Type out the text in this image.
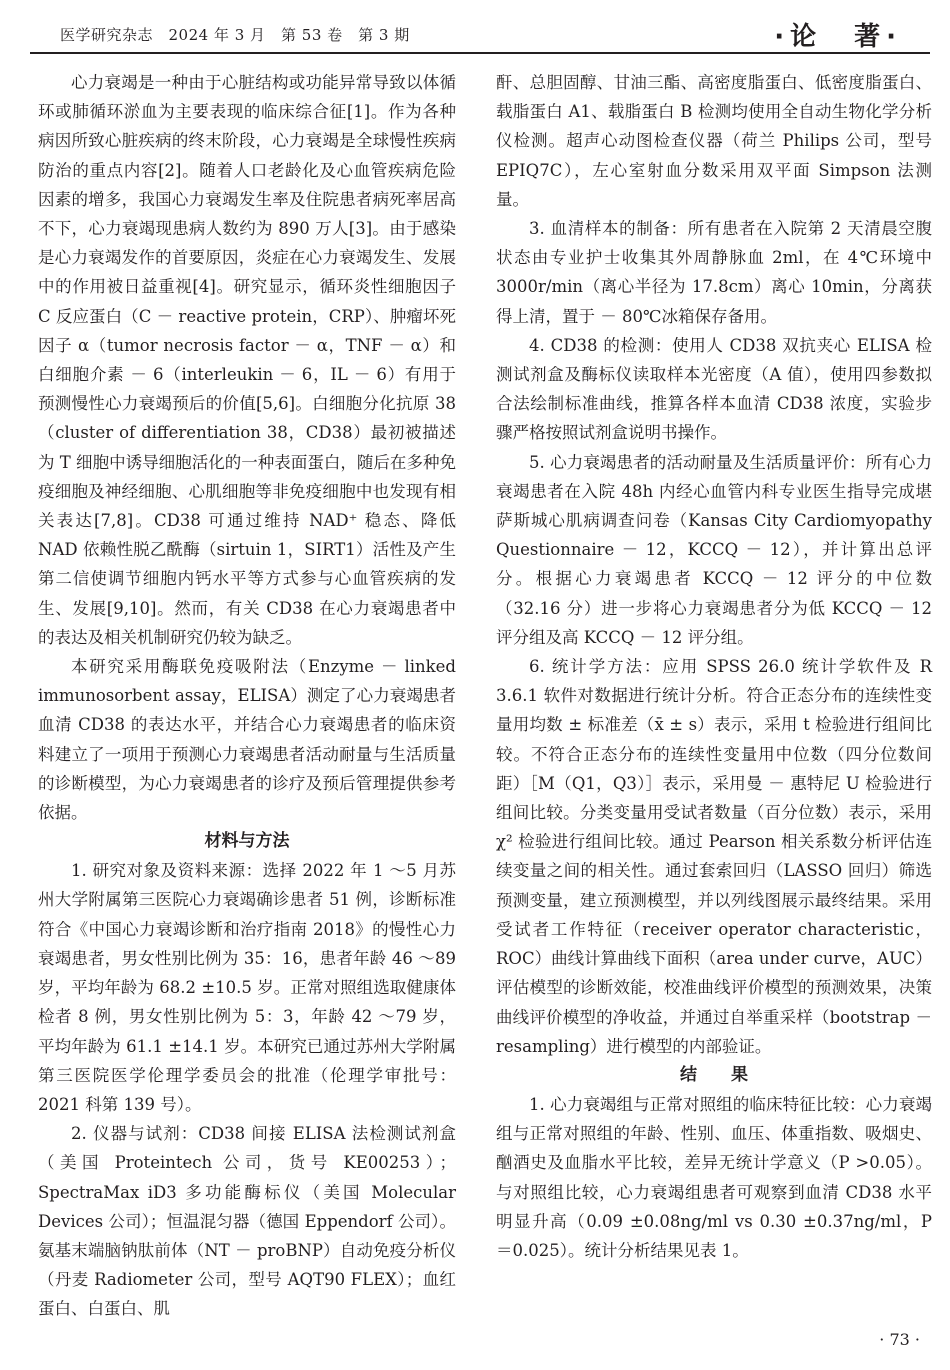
医学研究杂志　2024 年 3 月　第 53 卷　第 3 期	·论　著·

心力衰竭是一种由于心脏结构或功能异常导致以体循环或肺循环淤血为主要表现的临床综合征[1]。作为各种病因所致心脏疾病的终末阶段，心力衰竭是全球慢性疾病防治的重点内容[2]。随着人口老龄化及心血管疾病危险因素的增多，我国心力衰竭发生率及住院患者病死率居高不下，心力衰竭现患病人数约为 890 万人[3]。由于感染是心力衰竭发作的首要原因，炎症在心力衰竭发生、发展中的作用被日益重视[4]。研究显示，循环炎性细胞因子 C 反应蛋白（C － reactive protein，CRP）、肿瘤坏死因子 α（tumor necrosis factor － α，TNF － α）和白细胞介素 － 6（interleukin － 6，IL － 6）有用于预测慢性心力衰竭预后的价值[5,6]。白细胞分化抗原 38（cluster of differentiation 38，CD38）最初被描述为 T 细胞中诱导细胞活化的一种表面蛋白，随后在多种免疫细胞及神经细胞、心肌细胞等非免疫细胞中也发现有相关表达[7,8]。CD38 可通过维持 NAD⁺ 稳态、降低 NAD 依赖性脱乙酰酶（sirtuin 1，SIRT1）活性及产生第二信使调节细胞内钙水平等方式参与心血管疾病的发生、发展[9,10]。然而，有关 CD38 在心力衰竭患者中的表达及相关机制研究仍较为缺乏。

本研究采用酶联免疫吸附法（Enzyme － linked immunosorbent assay，ELISA）测定了心力衰竭患者血清 CD38 的表达水平，并结合心力衰竭患者的临床资料建立了一项用于预测心力衰竭患者活动耐量与生活质量的诊断模型，为心力衰竭患者的诊疗及预后管理提供参考依据。

材料与方法

1. 研究对象及资料来源：选择 2022 年 1 ～5 月苏州大学附属第三医院心力衰竭确诊患者 51 例，诊断标准符合《中国心力衰竭诊断和治疗指南 2018》的慢性心力衰竭患者，男女性别比例为 35：16，患者年龄 46 ～89 岁，平均年龄为 68.2 ±10.5 岁。正常对照组选取健康体检者 8 例，男女性别比例为 5：3，年龄 42 ～79 岁，平均年龄为 61.1 ±14.1 岁。本研究已通过苏州大学附属第三医院医学伦理学委员会的批准（伦理学审批号：2021 科第 139 号）。

2. 仪器与试剂：CD38 间接 ELISA 法检测试剂盒（美国 Proteintech 公司，货号 KE00253）；SpectraMax iD3 多功能酶标仪（美国 Molecular Devices 公司）；恒温混匀器（德国 Eppendorf 公司）。氨基末端脑钠肽前体（NT － proBNP）自动免疫分析仪（丹麦 Radiometer 公司，型号 AQT90 FLEX）；血红蛋白、白蛋白、肌

酐、总胆固醇、甘油三酯、高密度脂蛋白、低密度脂蛋白、载脂蛋白 A1、载脂蛋白 B 检测均使用全自动生物化学分析仪检测。超声心动图检查仪器（荷兰 Philips 公司，型号 EPIQ7C），左心室射血分数采用双平面 Simpson 法测量。

3. 血清样本的制备：所有患者在入院第 2 天清晨空腹状态由专业护士收集其外周静脉血 2ml，在 4℃环境中 3000r/min（离心半径为 17.8cm）离心 10min，分离获得上清，置于 － 80℃冰箱保存备用。

4. CD38 的检测：使用人 CD38 双抗夹心 ELISA 检测试剂盒及酶标仪读取样本光密度（A 值），使用四参数拟合法绘制标准曲线，推算各样本血清 CD38 浓度，实验步骤严格按照试剂盒说明书操作。

5. 心力衰竭患者的活动耐量及生活质量评价：所有心力衰竭患者在入院 48h 内经心血管内科专业医生指导完成堪萨斯城心肌病调查问卷（Kansas City Cardiomyopathy Questionnaire － 12，KCCQ － 12），并计算出总评分。根据心力衰竭患者 KCCQ － 12 评分的中位数（32.16 分）进一步将心力衰竭患者分为低 KCCQ － 12 评分组及高 KCCQ － 12 评分组。

6. 统计学方法：应用 SPSS 26.0 统计学软件及 R 3.6.1 软件对数据进行统计分析。符合正态分布的连续性变量用均数 ± 标准差（x̄ ± s）表示，采用 t 检验进行组间比较。不符合正态分布的连续性变量用中位数（四分位数间距）［M（Q1，Q3）］表示，采用曼 － 惠特尼 U 检验进行组间比较。分类变量用受试者数量（百分位数）表示，采用 χ² 检验进行组间比较。通过 Pearson 相关系数分析评估连续变量之间的相关性。通过套索回归（LASSO 回归）筛选预测变量，建立预测模型，并以列线图展示最终结果。采用受试者工作特征（receiver operator characteristic，ROC）曲线计算曲线下面积（area under curve，AUC）评估模型的诊断效能，校准曲线评价模型的预测效果，决策曲线评价模型的净收益，并通过自举重采样（bootstrap － resampling）进行模型的内部验证。

结　　果

1. 心力衰竭组与正常对照组的临床特征比较：心力衰竭组与正常对照组的年龄、性别、血压、体重指数、吸烟史、酗酒史及血脂水平比较，差异无统计学意义（P >0.05）。与对照组比较，心力衰竭组患者可观察到血清 CD38 水平明显升高（0.09 ±0.08ng/ml vs 0.30 ±0.37ng/ml，P ＝0.025）。统计分析结果见表 1。

· 73 ·
